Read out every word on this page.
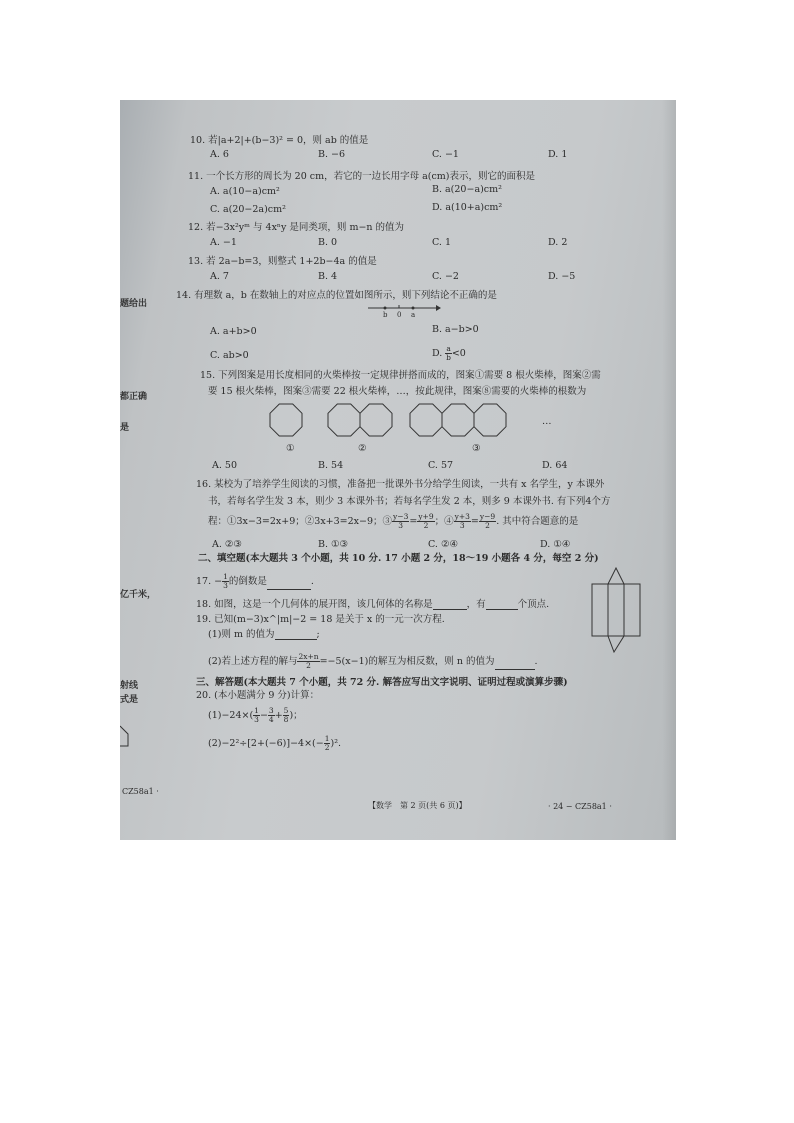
10. 若|a+2|+(b−3)² = 0，则 ab 的值是
A. 6	B. −6	C. −1	D. 1
11. 一个长方形的周长为 20 cm，若它的一边长用字母 a(cm)表示，则它的面积是
A. a(10−a)cm²	B. a(20−a)cm²
C. a(20−2a)cm²	D. a(10+a)cm²
12. 若−3x²yᵐ 与 4xⁿy 是同类项，则 m−n 的值为
A. −1	B. 0	C. 1	D. 2
13. 若 2a−b=3，则整式 1+2b−4a 的值是
A. 7	B. 4	C. −2	D. −5
14. 有理数 a，b 在数轴上的对应点的位置如图所示，则下列结论不正确的是
b 0 a
A. a+b>0	B. a−b>0
C. ab>0	D. $\frac{a}{b} <0$
15. 下列图案是用长度相同的火柴棒按一定规律拼搭而成的，图案①需要 8 根火柴棒，图案②需
要 15 根火柴棒，图案③需要 22 根火柴棒，…，按此规律，图案⑧需要的火柴棒的根数为
①	②	③
…
A. 50	B. 54	C. 57	D. 64
16. 某校为了培养学生阅读的习惯，准备把一批课外书分给学生阅读，一共有 x 名学生，y 本课外
书，若每名学生发 3 本，则少 3 本课外书；若每名学生发 2 本，则多 9 本课外书. 有下列4个方
程：①3x−3=2x+9；②3x+3=2x−9；③ $\frac{y-3}{3} = \frac{y+9}{2}$ ；④ $\frac{y+3}{3} = \frac{y-9}{2}$ . 其中符合题意的是
A. ②③	B. ①③	C. ②④	D. ①④
二、填空题(本大题共 3 个小题，共 10 分. 17 小题 2 分，18～19 小题各 4 分，每空 2 分)
17. − $\frac{1}{3}$ 的倒数是	.
18. 如图，这是一个几何体的展开图，该几何体的名称是	，有	个顶点.
19. 已知(m−3)x^|m|−2 = 18 是关于 x 的一元一次方程.
(1)则 m 的值为	;
(2)若上述方程的解与 $\frac{2x+n}{2} =-5(x-1)$的解互为相反数，则 n 的值为	.
三、解答题(本大题共 7 个小题，共 72 分. 解答应写出文字说明、证明过程或演算步骤)
20. (本小题满分 9 分)计算：
$(1)-24\times( \frac{1}{3} - \frac{3}{4} + \frac{5}{8}$ )；
$(2)-2^2\div[2+(-6)]-4\times(- \frac{1}{2} )^2$.
CZ58a1 ·
【数学　第 2 页(共 6 页)】	· 24 − CZ58a1 ·
题给出
都正确
是
亿千米，
射线
式是
